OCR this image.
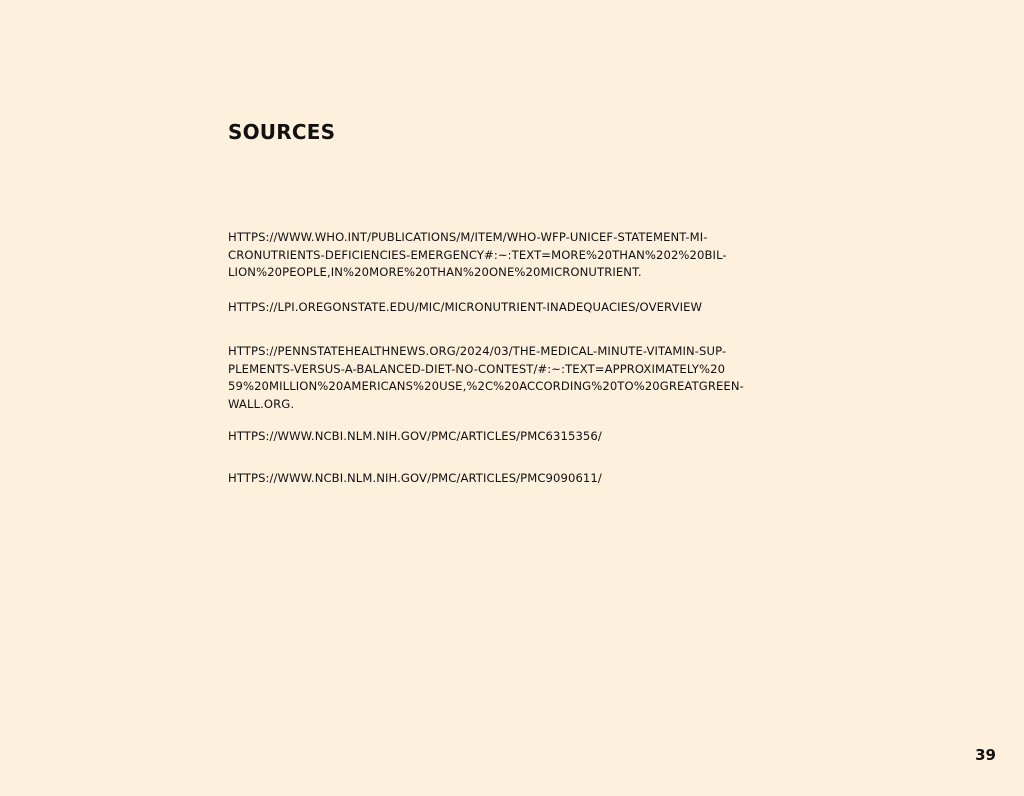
SOURCES

HTTPS://WWW.WHO.INT/PUBLICATIONS/M/ITEM/WHO-WFP-UNICEF-STATEMENT-MI-
CRONUTRIENTS-DEFICIENCIES-EMERGENCY#:~:TEXT=MORE%20THAN%202%20BIL-
LION%20PEOPLE,IN%20MORE%20THAN%20ONE%20MICRONUTRIENT.

HTTPS://LPI.OREGONSTATE.EDU/MIC/MICRONUTRIENT-INADEQUACIES/OVERVIEW

HTTPS://PENNSTATEHEALTHNEWS.ORG/2024/03/THE-MEDICAL-MINUTE-VITAMIN-SUP-
PLEMENTS-VERSUS-A-BALANCED-DIET-NO-CONTEST/#:~:TEXT=APPROXIMATELY%20
59%20MILLION%20AMERICANS%20USE,%2C%20ACCORDING%20TO%20GREATGREEN-
WALL.ORG.

HTTPS://WWW.NCBI.NLM.NIH.GOV/PMC/ARTICLES/PMC6315356/

HTTPS://WWW.NCBI.NLM.NIH.GOV/PMC/ARTICLES/PMC9090611/

39
